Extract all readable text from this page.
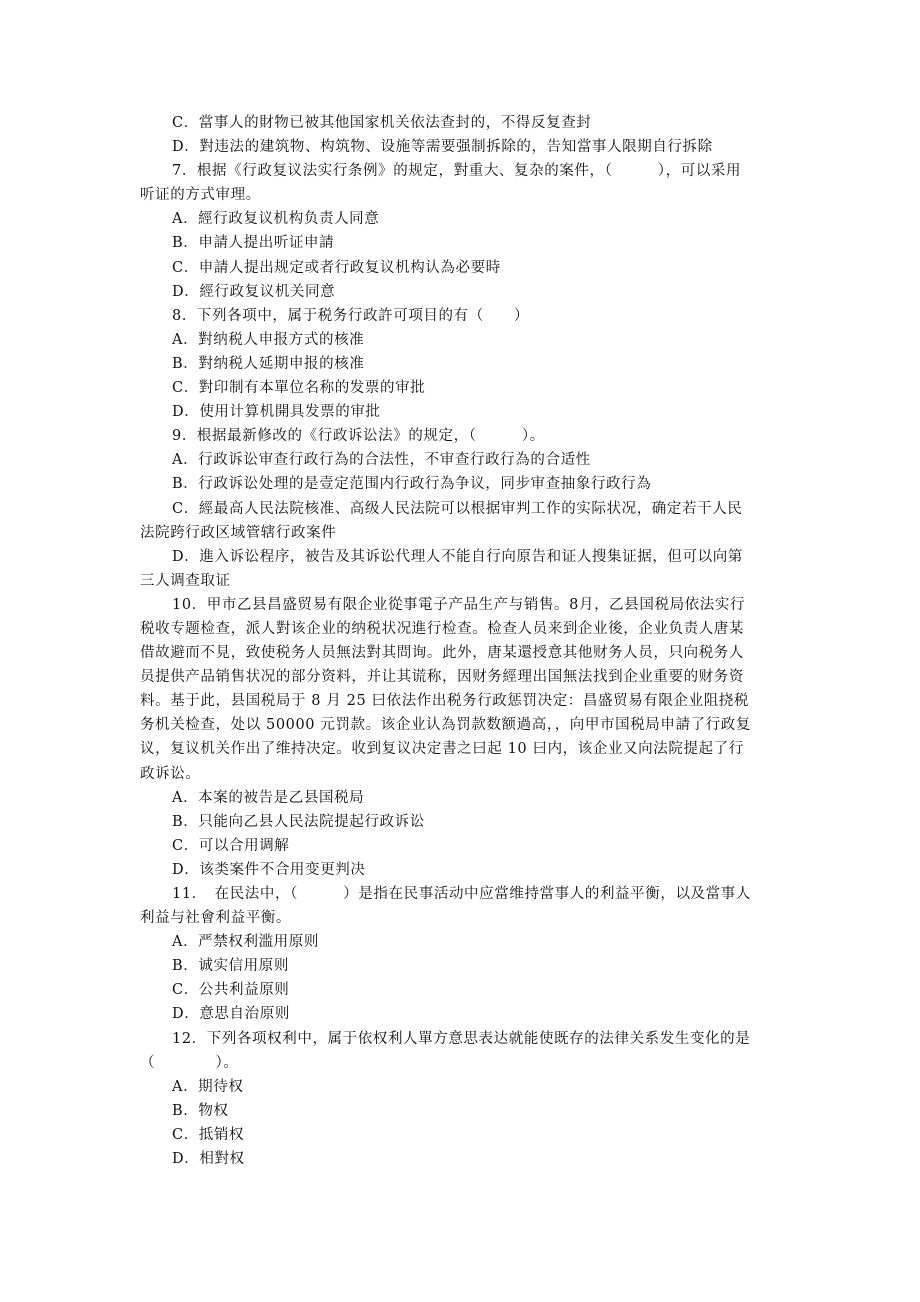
C．當事人的財物已被其他国家机关依法查封的，不得反复查封
D．對违法的建筑物、构筑物、设施等需要强制拆除的，告知當事人限期自行拆除
7．根据《行政复议法实行条例》的规定，對重大、复杂的案件，（　　　），可以采用
听证的方式审理。
A．經行政复议机构负责人同意
B．申請人提出听证申請
C．申請人提出规定或者行政复议机构认為必要時
D．經行政复议机关同意
8．下列各项中，属于税务行政許可项目的有（　　）
A．對纳税人申报方式的核准
B．對纳税人延期申报的核准
C．對印制有本單位名称的发票的审批
D．使用计算机開具发票的审批
9．根据最新修改的《行政诉讼法》的规定，（　　　）。
A．行政诉讼审查行政行為的合法性，不审查行政行為的合适性
B．行政诉讼处理的是壹定范围内行政行為争议，同步审查抽象行政行為
C．經最高人民法院核准、高级人民法院可以根据审判工作的实际状况，确定若干人民
法院跨行政区域管辖行政案件
D．進入诉讼程序，被告及其诉讼代理人不能自行向原告和证人搜集证据，但可以向第
三人调查取证
10．甲市乙县昌盛贸易有限企业從事電子产品生产与销售。8月，乙县国税局依法实行
税收专题检查，派人對该企业的纳税状况進行检查。检查人员来到企业後，企业负责人唐某
借故避而不見，致使税务人员無法對其問询。此外，唐某還授意其他财务人员，只向税务人
员提供产品销售状况的部分资料，并让其谎称，因财务經理出国無法找到企业重要的财务资
料。基于此，县国税局于 8 月 25 曰依法作出税务行政惩罚决定：昌盛贸易有限企业阻挠税
务机关检查，处以 50000 元罚款。该企业认為罚款数额過高，，向甲市国税局申請了行政复
议，复议机关作出了维持决定。收到复议决定書之曰起 10 曰内，该企业又向法院提起了行
政诉讼。
A．本案的被告是乙县国税局
B．只能向乙县人民法院提起行政诉讼
C．可以合用调解
D．该类案件不合用变更判决
11．　在民法中，（　　　）是指在民事活动中应當维持當事人的利益平衡，以及當事人
利益与社會利益平衡。
A．严禁权利滥用原则
B．诚实信用原则
C．公共利益原则
D．意思自治原则
12．下列各项权利中，属于依权利人單方意思表达就能使既存的法律关系发生变化的是
（　　　　）。
A．期待权
B．物权
C．抵销权
D．相對权
